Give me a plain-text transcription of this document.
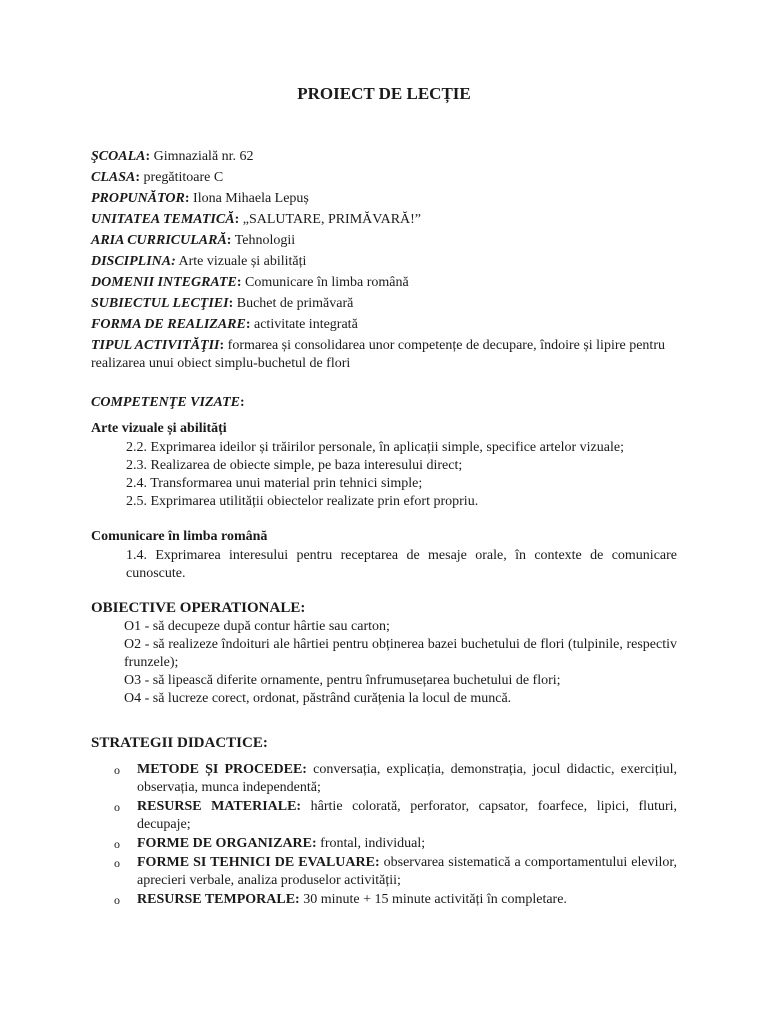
PROIECT DE LECȚIE
ŞCOALA: Gimnazială nr. 62
CLASA: pregătitoare C
PROPUNĂTOR: Ilona Mihaela Lepuș
UNITATEA TEMATICĂ: „SALUTARE, PRIMĂVARĂ!”
ARIA CURRICULARĂ: Tehnologii
DISCIPLINA: Arte vizuale și abilități
DOMENII INTEGRATE: Comunicare în limba română
SUBIECTUL LECŢIEI: Buchet de primăvară
FORMA DE REALIZARE: activitate integrată
TIPUL ACTIVITĂŢII: formarea și consolidarea unor competențe de decupare, îndoire și lipire pentru realizarea unui obiect simplu-buchetul de flori
COMPETENŢE VIZATE:
Arte vizuale și abilități
2.2. Exprimarea ideilor și trăirilor personale, în aplicații simple, specifice artelor vizuale;
2.3. Realizarea de obiecte simple, pe baza interesului direct;
2.4. Transformarea unui material prin tehnici simple;
2.5. Exprimarea utilității obiectelor realizate prin efort propriu.
Comunicare în limba română
1.4. Exprimarea interesului pentru receptarea de mesaje orale, în contexte de comunicare cunoscute.
OBIECTIVE OPERATIONALE:
O1 - să decupeze după contur hârtie sau carton;
O2 - să realizeze îndoituri ale hârtiei pentru obținerea bazei buchetului de flori (tulpinile, respectiv frunzele);
O3 - să lipească diferite ornamente, pentru înfrumusețarea buchetului de flori;
O4 - să lucreze corect, ordonat, păstrând curățenia la locul de muncă.
STRATEGII DIDACTICE:
o METODE ȘI PROCEDEE: conversația, explicația, demonstrația, jocul didactic, exercițiul, observația, munca independentă;
o RESURSE MATERIALE: hârtie colorată, perforator, capsator, foarfece, lipici, fluturi, decupaje;
o FORME DE ORGANIZARE: frontal, individual;
o FORME SI TEHNICI DE EVALUARE: observarea sistematică a comportamentului elevilor, aprecieri verbale, analiza produselor activității;
o RESURSE TEMPORALE: 30 minute + 15 minute activități în completare.
